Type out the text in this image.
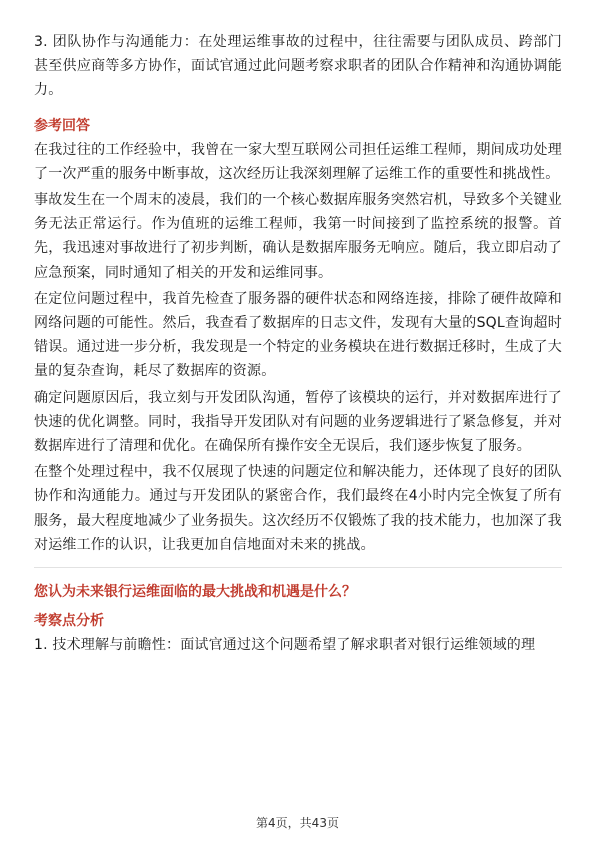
3. 团队协作与沟通能力：在处理运维事故的过程中，往往需要与团队成员、跨部门甚至供应商等多方协作，面试官通过此问题考察求职者的团队合作精神和沟通协调能力。

参考回答

在我过往的工作经验中，我曾在一家大型互联网公司担任运维工程师，期间成功处理了一次严重的服务中断事故，这次经历让我深刻理解了运维工作的重要性和挑战性。

事故发生在一个周末的凌晨，我们的一个核心数据库服务突然宕机，导致多个关键业务无法正常运行。作为值班的运维工程师，我第一时间接到了监控系统的报警。首先，我迅速对事故进行了初步判断，确认是数据库服务无响应。随后，我立即启动了应急预案，同时通知了相关的开发和运维同事。

在定位问题过程中，我首先检查了服务器的硬件状态和网络连接，排除了硬件故障和网络问题的可能性。然后，我查看了数据库的日志文件，发现有大量的SQL查询超时错误。通过进一步分析，我发现是一个特定的业务模块在进行数据迁移时，生成了大量的复杂查询，耗尽了数据库的资源。

确定问题原因后，我立刻与开发团队沟通，暂停了该模块的运行，并对数据库进行了快速的优化调整。同时，我指导开发团队对有问题的业务逻辑进行了紧急修复，并对数据库进行了清理和优化。在确保所有操作安全无误后，我们逐步恢复了服务。

在整个处理过程中，我不仅展现了快速的问题定位和解决能力，还体现了良好的团队协作和沟通能力。通过与开发团队的紧密合作，我们最终在4小时内完全恢复了所有服务，最大程度地减少了业务损失。这次经历不仅锻炼了我的技术能力，也加深了我对运维工作的认识，让我更加自信地面对未来的挑战。

您认为未来银行运维面临的最大挑战和机遇是什么？
考察点分析

1. 技术理解与前瞻性：面试官通过这个问题希望了解求职者对银行运维领域的理

第4页，共43页
